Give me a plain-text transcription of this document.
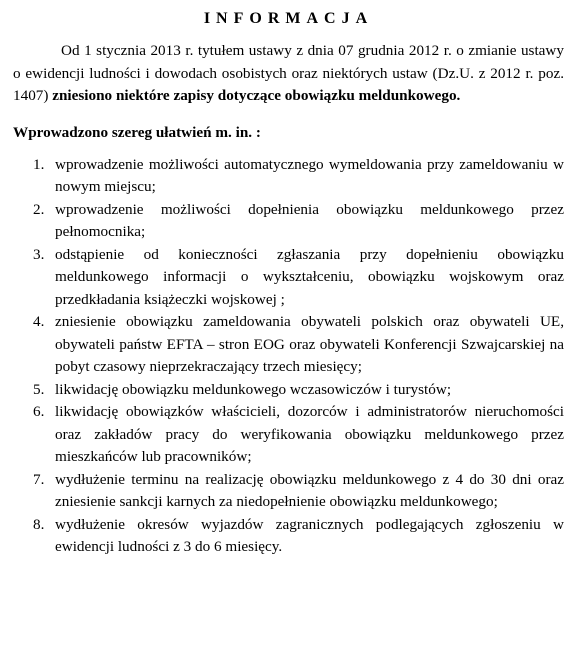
INFORMACJA

Od 1 stycznia 2013 r. tytułem ustawy z dnia 07 grudnia 2012 r. o zmianie ustawy o ewidencji ludności i dowodach osobistych oraz niektórych ustaw (Dz.U. z 2012 r. poz. 1407) zniesiono niektóre zapisy dotyczące obowiązku meldunkowego.

Wprowadzono szereg ułatwień m. in. :

1. wprowadzenie możliwości automatycznego wymeldowania przy zameldowaniu w nowym miejscu;
2. wprowadzenie możliwości dopełnienia obowiązku meldunkowego przez pełnomocnika;
3. odstąpienie od konieczności zgłaszania przy dopełnieniu obowiązku meldunkowego informacji o wykształceniu, obowiązku wojskowym oraz przedkładania książeczki wojskowej ;
4. zniesienie obowiązku zameldowania obywateli polskich oraz obywateli UE, obywateli państw EFTA – stron EOG oraz obywateli Konferencji Szwajcarskiej na pobyt czasowy nieprzekraczający trzech miesięcy;
5. likwidację obowiązku meldunkowego wczasowiczów i turystów;
6. likwidację obowiązków właścicieli, dozorców i administratorów nieruchomości oraz zakładów pracy do weryfikowania obowiązku meldunkowego przez mieszkańców lub pracowników;
7. wydłużenie terminu na realizację obowiązku meldunkowego z 4 do 30 dni oraz zniesienie sankcji karnych za niedopełnienie obowiązku meldunkowego;
8. wydłużenie okresów wyjazdów zagranicznych podlegających zgłoszeniu w ewidencji ludności z 3 do 6 miesięcy.
